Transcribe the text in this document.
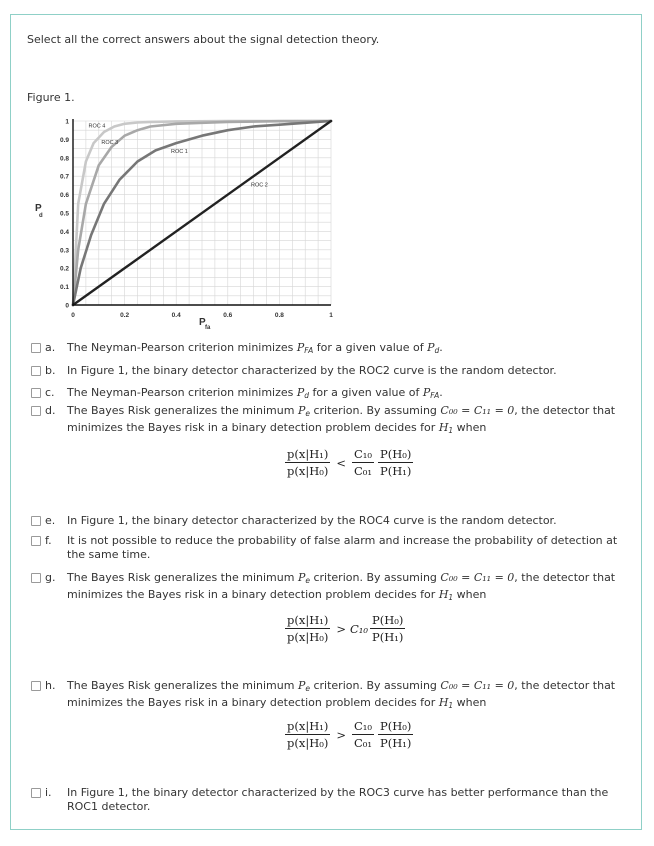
Select all the correct answers about the signal detection theory.
Figure 1.
0	0.2	0.4	0.6	0.8	1
0
0.1
0.2
0.3
0.4
0.5
0.6
0.7
0.8
0.9
1
ROC 4
ROC 3
ROC 1
ROC 2
P
d
P fa
a. The Neyman-Pearson criterion minimizes $P_{FA}$ for a given value of $P_d$.
b. In Figure 1, the binary detector characterized by the ROC2 curve is the random detector.
c. The Neyman-Pearson criterion minimizes $P_d$ for a given value of $P_{FA}$.
d. The Bayes Risk generalizes the minimum $P_e$ criterion. By assuming C₀₀ = C₁₁ = 0, the detector that
minimizes the Bayes risk in a binary detection problem decides for $H_1$ when
$\frac{\text{p(x|H₁)}}{\text{p(x|H₀)}} < \frac{\text{C₁₀}}{\text{C₀₁}} \frac{\text{P(H₀)}}{\text{P(H₁)}}$
e. In Figure 1, the binary detector characterized by the ROC4 curve is the random detector.
f. It is not possible to reduce the probability of false alarm and increase the probability of detection at the same time.
g. The Bayes Risk generalizes the minimum $P_e$ criterion. By assuming C₀₀ = C₁₁ = 0, the detector that
minimizes the Bayes risk in a binary detection problem decides for $H_1$ when
$\frac{\text{p(x|H₁)}}{\text{p(x|H₀)}} > C_{10} \frac{\text{P(H₀)}}{\text{P(H₁)}}$
h. The Bayes Risk generalizes the minimum $P_e$ criterion. By assuming C₀₀ = C₁₁ = 0, the detector that
minimizes the Bayes risk in a binary detection problem decides for $H_1$ when
$\frac{\text{p(x|H₁)}}{\text{p(x|H₀)}} > \frac{\text{C₁₀}}{\text{C₀₁}} \frac{\text{P(H₀)}}{\text{P(H₁)}}$
i. In Figure 1, the binary detector characterized by the ROC3 curve has better performance than the ROC1 detector.
